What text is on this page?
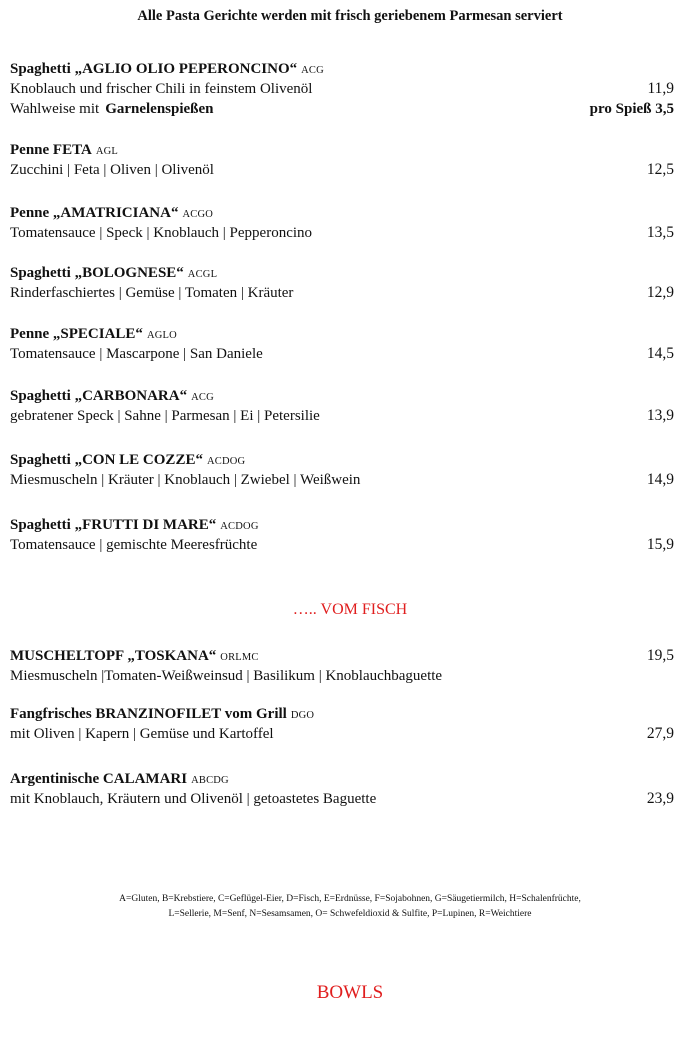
Alle Pasta Gerichte werden mit frisch geriebenem Parmesan serviert
Spaghetti „AGLIO OLIO PEPERONCINO“ ACG
Knoblauch und frischer Chili in feinstem Olivenöl	11,9
Wahlweise mit Garnelenspießen	pro Spieß 3,5
Penne FETA AGL
Zucchini | Feta | Oliven | Olivenöl	12,5
Penne „AMATRICIANA“ ACGO
Tomatensauce | Speck | Knoblauch | Pepperoncino	13,5
Spaghetti „BOLOGNESE“ ACGL
Rinderfaschiertes | Gemüse | Tomaten | Kräuter	12,9
Penne „SPECIALE“ AGLO
Tomatensauce | Mascarpone | San Daniele	14,5
Spaghetti „CARBONARA“ ACG
gebratener Speck | Sahne | Parmesan | Ei | Petersilie	13,9
Spaghetti „CON LE COZZE“ ACDOG
Miesmuscheln | Kräuter | Knoblauch | Zwiebel | Weißwein	14,9
Spaghetti „FRUTTI DI MARE“ ACDOG
Tomatensauce | gemischte Meeresfrüchte	15,9
….. VOM FISCH
MUSCHELTOPF „TOSKANA“ ORLMC	19,5
Miesmuscheln |Tomaten-Weißweinsud | Basilikum | Knoblauchbaguette
Fangfrisches BRANZINOFILET vom Grill DGO
mit Oliven | Kapern | Gemüse und Kartoffel	27,9
Argentinische CALAMARI ABCDG
mit Knoblauch, Kräutern und Olivenöl | getoastetes Baguette	23,9
A=Gluten, B=Krebstiere, C=Geflügel-Eier, D=Fisch, E=Erdnüsse, F=Sojabohnen, G=Säugetiermilch, H=Schalenfrüchte,
L=Sellerie, M=Senf, N=Sesamsamen, O= Schwefeldioxid & Sulfite, P=Lupinen, R=Weichtiere
BOWLS
